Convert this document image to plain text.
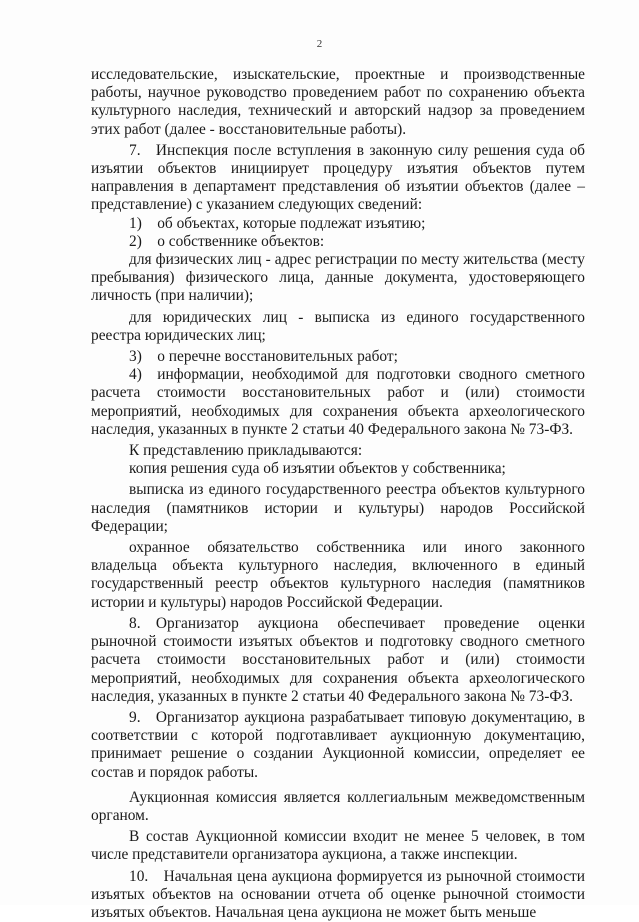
2

исследовательские, изыскательские, проектные и производственные работы, научное руководство проведением работ по сохранению объекта культурного наследия, технический и авторский надзор за проведением этих работ (далее - восстановительные работы).

7. Инспекция после вступления в законную силу решения суда об изъятии объектов инициирует процедуру изъятия объектов путем направления в департамент представления об изъятии объектов (далее – представление) с указанием следующих сведений:

1) об объектах, которые подлежат изъятию;

2) о собственнике объектов:

для физических лиц - адрес регистрации по месту жительства (месту пребывания) физического лица, данные документа, удостоверяющего личность (при наличии);

для юридических лиц - выписка из единого государственного реестра юридических лиц;

3) о перечне восстановительных работ;

4) информации, необходимой для подготовки сводного сметного расчета стоимости восстановительных работ и (или) стоимости мероприятий, необходимых для сохранения объекта археологического наследия, указанных в пункте 2 статьи 40 Федерального закона № 73-ФЗ.

К представлению прикладываются:

копия решения суда об изъятии объектов у собственника;

выписка из единого государственного реестра объектов культурного наследия (памятников истории и культуры) народов Российской Федерации;

охранное обязательство собственника или иного законного владельца объекта культурного наследия, включенного в единый государственный реестр объектов культурного наследия (памятников истории и культуры) народов Российской Федерации.

8. Организатор аукциона обеспечивает проведение оценки рыночной стоимости изъятых объектов и подготовку сводного сметного расчета стоимости восстановительных работ и (или) стоимости мероприятий, необходимых для сохранения объекта археологического наследия, указанных в пункте 2 статьи 40 Федерального закона № 73-ФЗ.

9. Организатор аукциона разрабатывает типовую документацию, в соответствии с которой подготавливает аукционную документацию, принимает решение о создании Аукционной комиссии, определяет ее состав и порядок работы.

Аукционная комиссия является коллегиальным межведомственным органом.

В состав Аукционной комиссии входит не менее 5 человек, в том числе представители организатора аукциона, а также инспекции.

10. Начальная цена аукциона формируется из рыночной стоимости изъятых объектов на основании отчета об оценке рыночной стоимости изъятых объектов. Начальная цена аукциона не может быть меньше
